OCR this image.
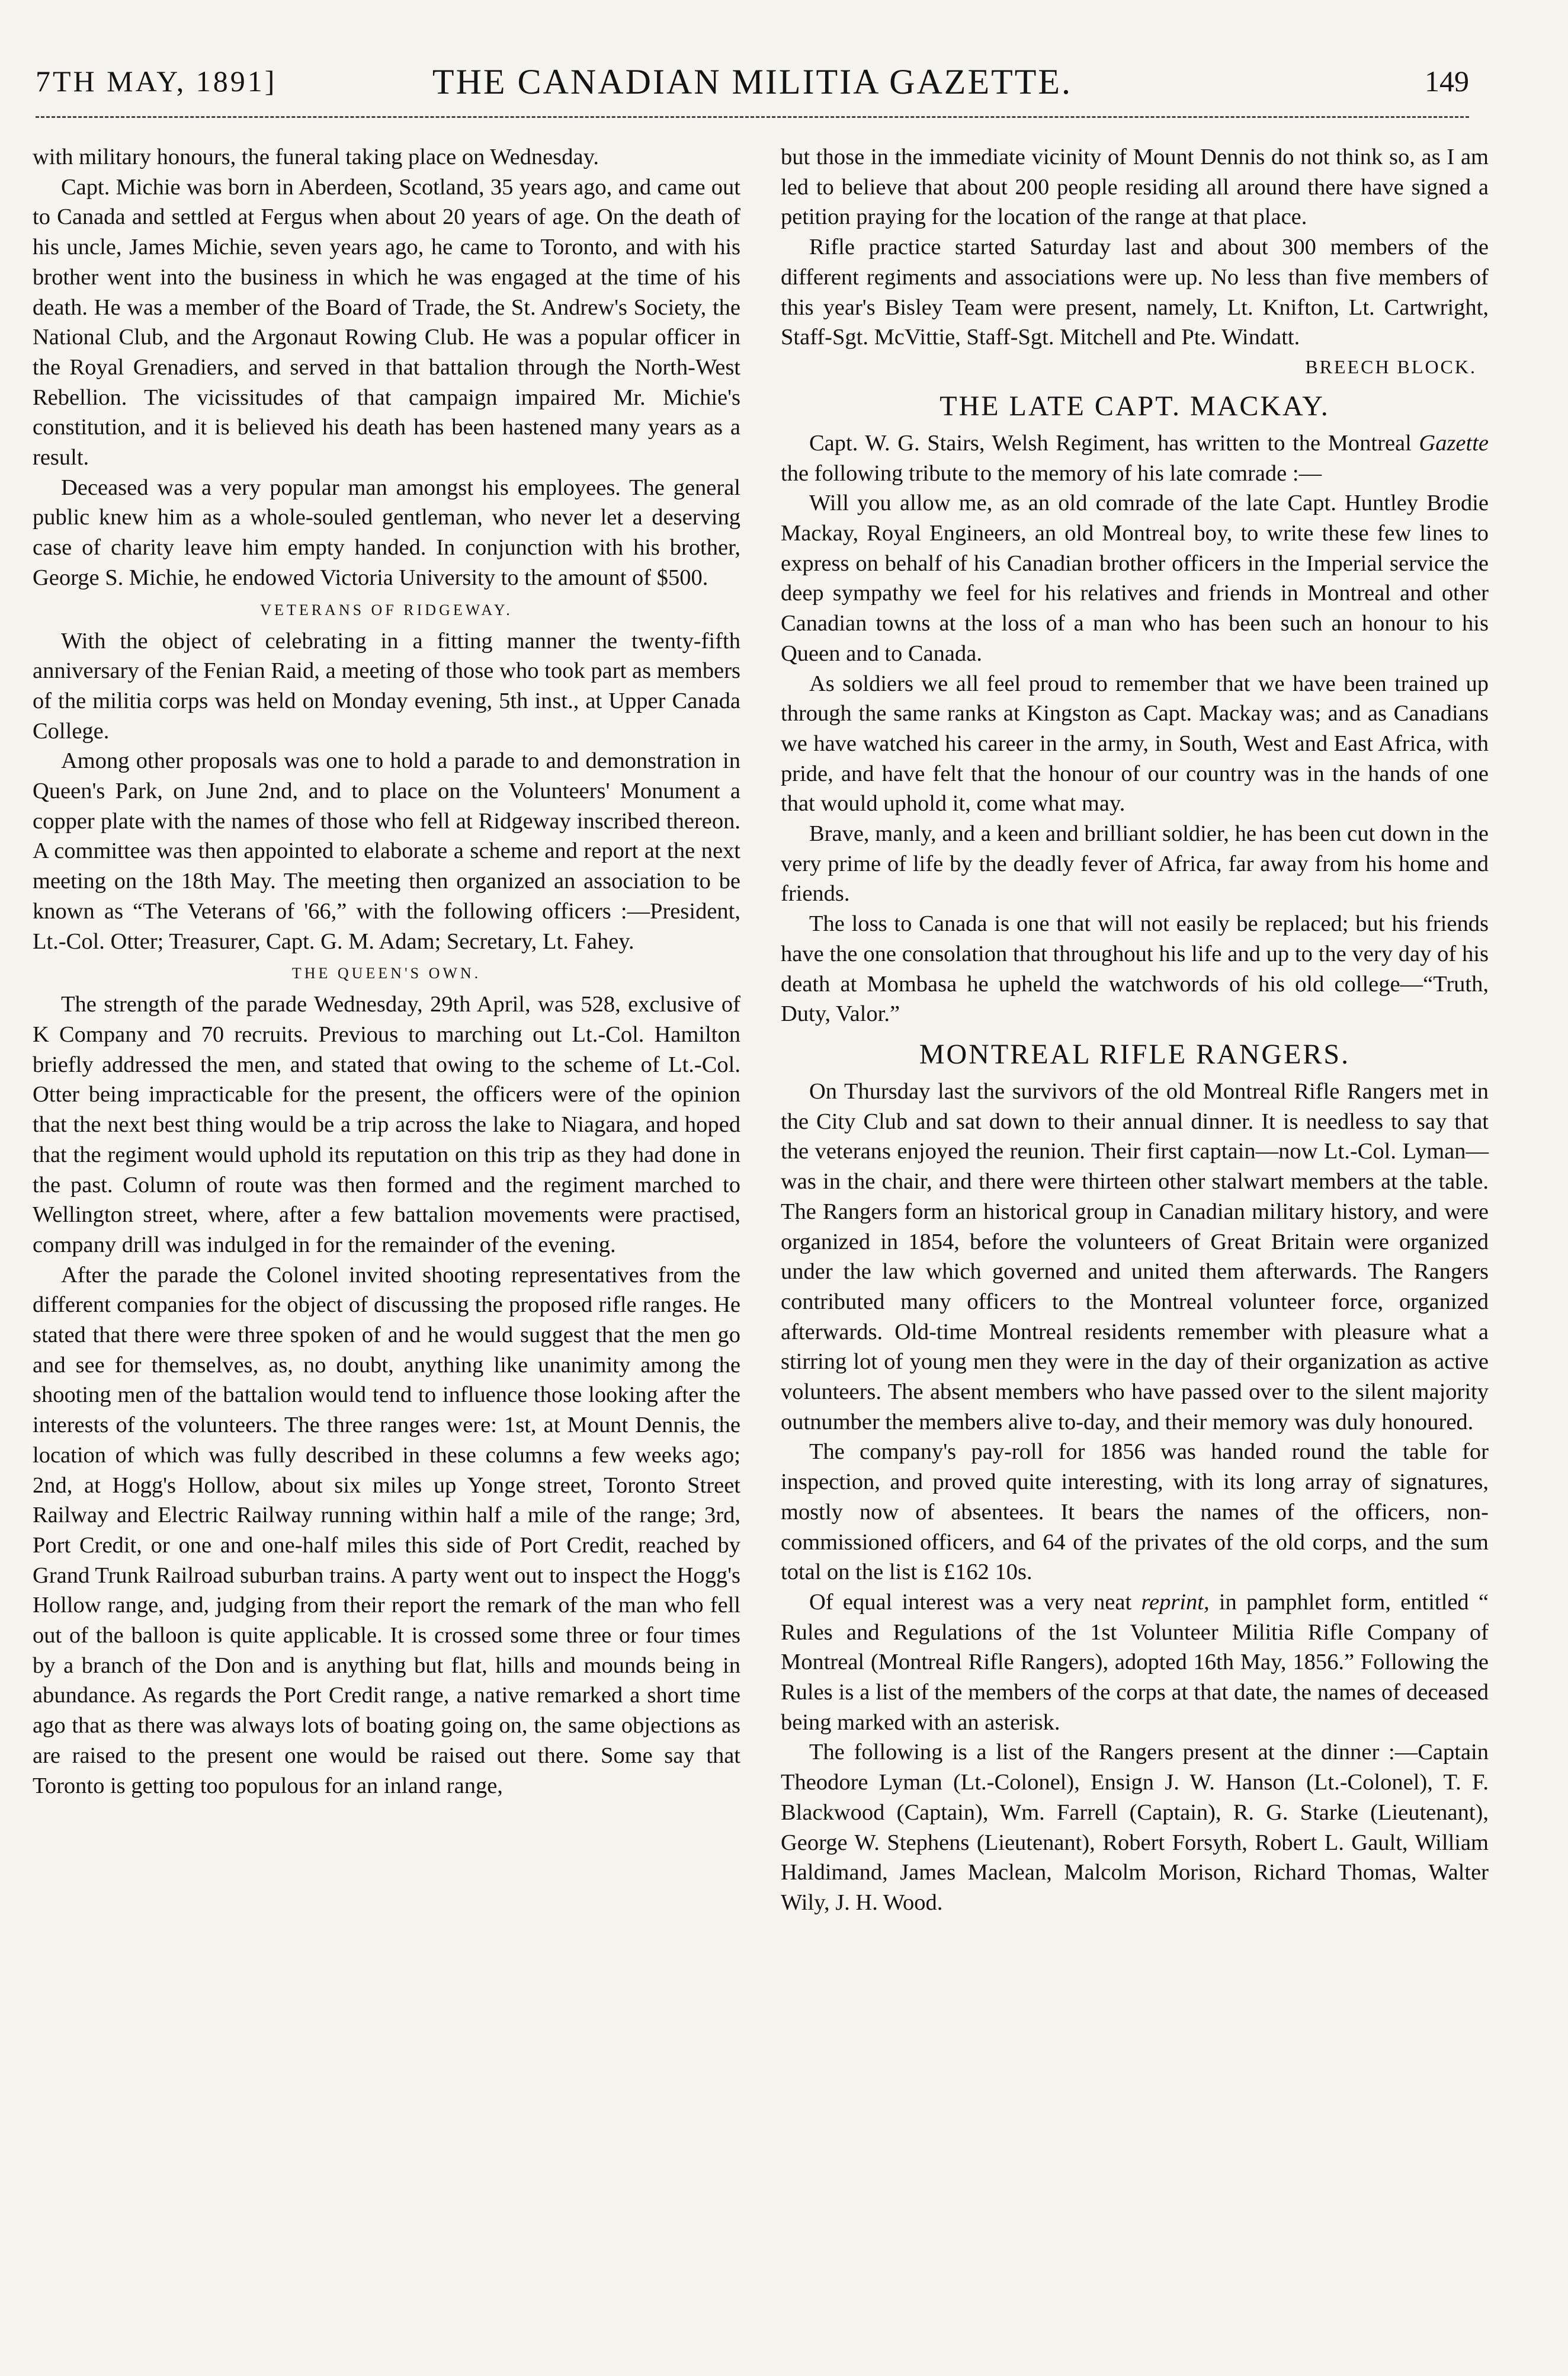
7TH MAY, 1891]	THE CANADIAN MILITIA GAZETTE.	149

with military honours, the funeral taking place on Wednesday.

Capt. Michie was born in Aberdeen, Scotland, 35 years ago, and came out to Canada and settled at Fergus when about 20 years of age. On the death of his uncle, James Michie, seven years ago, he came to Toronto, and with his brother went into the business in which he was engaged at the time of his death. He was a member of the Board of Trade, the St. Andrew's Society, the National Club, and the Argonaut Rowing Club. He was a popular officer in the Royal Grenadiers, and served in that battalion through the North-West Rebellion. The vicissitudes of that campaign impaired Mr. Michie's constitution, and it is believed his death has been hastened many years as a result.

Deceased was a very popular man amongst his employees. The general public knew him as a whole-souled gentleman, who never let a deserving case of charity leave him empty handed. In conjunction with his brother, George S. Michie, he endowed Victoria University to the amount of $500.

VETERANS OF RIDGEWAY.

With the object of celebrating in a fitting manner the twenty-fifth anniversary of the Fenian Raid, a meeting of those who took part as members of the militia corps was held on Monday evening, 5th inst., at Upper Canada College.

Among other proposals was one to hold a parade to and demonstration in Queen's Park, on June 2nd, and to place on the Volunteers' Monument a copper plate with the names of those who fell at Ridgeway inscribed thereon. A committee was then appointed to elaborate a scheme and report at the next meeting on the 18th May. The meeting then organized an association to be known as “The Veterans of '66,” with the following officers :—President, Lt.-Col. Otter; Treasurer, Capt. G. M. Adam; Secretary, Lt. Fahey.

THE QUEEN'S OWN.

The strength of the parade Wednesday, 29th April, was 528, exclusive of K Company and 70 recruits. Previous to marching out Lt.-Col. Hamilton briefly addressed the men, and stated that owing to the scheme of Lt.-Col. Otter being impracticable for the present, the officers were of the opinion that the next best thing would be a trip across the lake to Niagara, and hoped that the regiment would uphold its reputation on this trip as they had done in the past. Column of route was then formed and the regiment marched to Wellington street, where, after a few battalion movements were practised, company drill was indulged in for the remainder of the evening.

After the parade the Colonel invited shooting representatives from the different companies for the object of discussing the proposed rifle ranges. He stated that there were three spoken of and he would suggest that the men go and see for themselves, as, no doubt, anything like unanimity among the shooting men of the battalion would tend to influence those looking after the interests of the volunteers. The three ranges were: 1st, at Mount Dennis, the location of which was fully described in these columns a few weeks ago; 2nd, at Hogg's Hollow, about six miles up Yonge street, Toronto Street Railway and Electric Railway running within half a mile of the range; 3rd, Port Credit, or one and one-half miles this side of Port Credit, reached by Grand Trunk Railroad suburban trains. A party went out to inspect the Hogg's Hollow range, and, judging from their report the remark of the man who fell out of the balloon is quite applicable. It is crossed some three or four times by a branch of the Don and is anything but flat, hills and mounds being in abundance. As regards the Port Credit range, a native remarked a short time ago that as there was always lots of boating going on, the same objections as are raised to the present one would be raised out there. Some say that Toronto is getting too populous for an inland range,

but those in the immediate vicinity of Mount Dennis do not think so, as I am led to believe that about 200 people residing all around there have signed a petition praying for the location of the range at that place.

Rifle practice started Saturday last and about 300 members of the different regiments and associations were up. No less than five members of this year's Bisley Team were present, namely, Lt. Knifton, Lt. Cartwright, Staff-Sgt. McVittie, Staff-Sgt. Mitchell and Pte. Windatt.

BREECH BLOCK.
THE LATE CAPT. MACKAY.

Capt. W. G. Stairs, Welsh Regiment, has written to the Montreal Gazette the following tribute to the memory of his late comrade :—

Will you allow me, as an old comrade of the late Capt. Huntley Brodie Mackay, Royal Engineers, an old Montreal boy, to write these few lines to express on behalf of his Canadian brother officers in the Imperial service the deep sympathy we feel for his relatives and friends in Montreal and other Canadian towns at the loss of a man who has been such an honour to his Queen and to Canada.

As soldiers we all feel proud to remember that we have been trained up through the same ranks at Kingston as Capt. Mackay was; and as Canadians we have watched his career in the army, in South, West and East Africa, with pride, and have felt that the honour of our country was in the hands of one that would uphold it, come what may.

Brave, manly, and a keen and brilliant soldier, he has been cut down in the very prime of life by the deadly fever of Africa, far away from his home and friends.

The loss to Canada is one that will not easily be replaced; but his friends have the one consolation that throughout his life and up to the very day of his death at Mombasa he upheld the watchwords of his old college—“Truth, Duty, Valor.”

MONTREAL RIFLE RANGERS.

On Thursday last the survivors of the old Montreal Rifle Rangers met in the City Club and sat down to their annual dinner. It is needless to say that the veterans enjoyed the reunion. Their first captain—now Lt.-Col. Lyman—was in the chair, and there were thirteen other stalwart members at the table. The Rangers form an historical group in Canadian military history, and were organized in 1854, before the volunteers of Great Britain were organized under the law which governed and united them afterwards. The Rangers contributed many officers to the Montreal volunteer force, organized afterwards. Old-time Montreal residents remember with pleasure what a stirring lot of young men they were in the day of their organization as active volunteers. The absent members who have passed over to the silent majority outnumber the members alive to-day, and their memory was duly honoured.

The company's pay-roll for 1856 was handed round the table for inspection, and proved quite interesting, with its long array of signatures, mostly now of absentees. It bears the names of the officers, non-commissioned officers, and 64 of the privates of the old corps, and the sum total on the list is £162 10s.

Of equal interest was a very neat reprint, in pamphlet form, entitled “ Rules and Regulations of the 1st Volunteer Militia Rifle Company of Montreal (Montreal Rifle Rangers), adopted 16th May, 1856.” Following the Rules is a list of the members of the corps at that date, the names of deceased being marked with an asterisk.

The following is a list of the Rangers present at the dinner :—Captain Theodore Lyman (Lt.-Colonel), Ensign J. W. Hanson (Lt.-Colonel), T. F. Blackwood (Captain), Wm. Farrell (Captain), R. G. Starke (Lieutenant), George W. Stephens (Lieutenant), Robert Forsyth, Robert L. Gault, William Haldimand, James Maclean, Malcolm Morison, Richard Thomas, Walter Wily, J. H. Wood.
